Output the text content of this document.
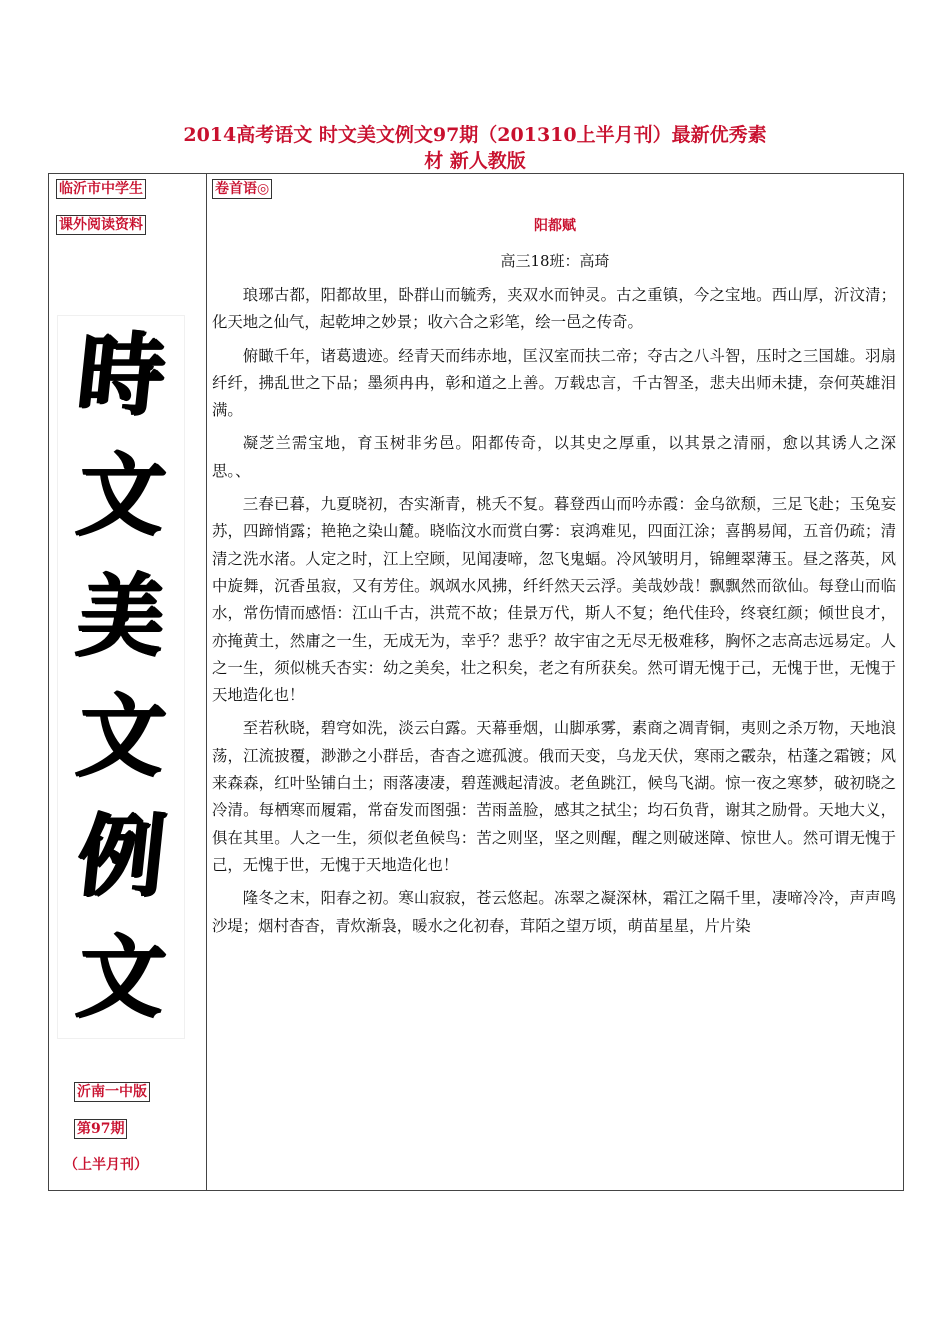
2014高考语文 时文美文例文97期（201310上半月刊）最新优秀素
材 新人教版
临沂市中学生
课外阅读资料
時
文
美
文
例
文
沂南一中版
第97期
（上半月刊）
卷首语◎
阳都赋
高三18班：高琦

琅琊古都，阳都故里，卧群山而毓秀，夹双水而钟灵。古之重镇，今之宝地。西山厚，沂汶清；化天地之仙气，起乾坤之妙景；收六合之彩笔，绘一邑之传奇。

俯瞰千年，诸葛遗迹。经青天而纬赤地，匡汉室而扶二帝；夺古之八斗智，压时之三国雄。羽扇纤纤，拂乱世之下品；墨须冉冉，彰和道之上善。万载忠言，千古智圣，悲夫出师未捷，奈何英雄泪满。

凝芝兰需宝地，育玉树非劣邑。阳都传奇，以其史之厚重，以其景之清丽，愈以其诱人之深思。、

三春已暮，九夏晓初，杏实渐青，桃夭不复。暮登西山而吟赤霞：金乌欲颓，三足飞赴；玉兔妄苏，四蹄悄露；艳艳之染山麓。晓临汶水而赏白雾：哀鸿难见，四面江涂；喜鹊易闻，五音仍疏；清清之洗水渚。人定之时，江上空顾，见闻凄啼，忽飞鬼蝠。冷风皱明月，锦鲤翠薄玉。昼之落英，风中旋舞，沉香虽寂，又有芳住。飒飒水风拂，纤纤然天云浮。美哉妙哉！飘飘然而欲仙。每登山而临水，常伤情而感悟：江山千古，洪荒不故；佳景万代，斯人不复；绝代佳玲，终衰红颜；倾世良才，亦掩黄土，然庸之一生，无成无为，幸乎？悲乎？故宇宙之无尽无极难移，胸怀之志高志远易定。人之一生，须似桃夭杏实：幼之美矣，壮之积矣，老之有所获矣。然可谓无愧于己，无愧于世，无愧于天地造化也！

至若秋晓，碧穹如洗，淡云白露。天幕垂烟，山脚承雾，素商之凋青铜，夷则之杀万物，天地浪荡，江流披覆，渺渺之小群岳，杳杳之遮孤渡。俄而天变，乌龙天伏，寒雨之霰杂，枯蓬之霜镀；风来森森，红叶坠铺白土；雨落凄凄，碧莲溅起清波。老鱼跳江，候鸟飞湖。惊一夜之寒梦，破初晓之冷清。每栖寒而履霜，常奋发而图强：苦雨盖脸，感其之拭尘；均石负背，谢其之励骨。天地大义，俱在其里。人之一生，须似老鱼候鸟：苦之则坚，坚之则醒，醒之则破迷障、惊世人。然可谓无愧于己，无愧于世，无愧于天地造化也！

隆冬之末，阳春之初。寒山寂寂，苍云悠起。冻翠之凝深林，霜江之隔千里，凄啼冷冷，声声鸣沙堤；烟村杳杳，青炊渐袅，暖水之化初春，茸陌之望万顷，萌苗星星，片片染
